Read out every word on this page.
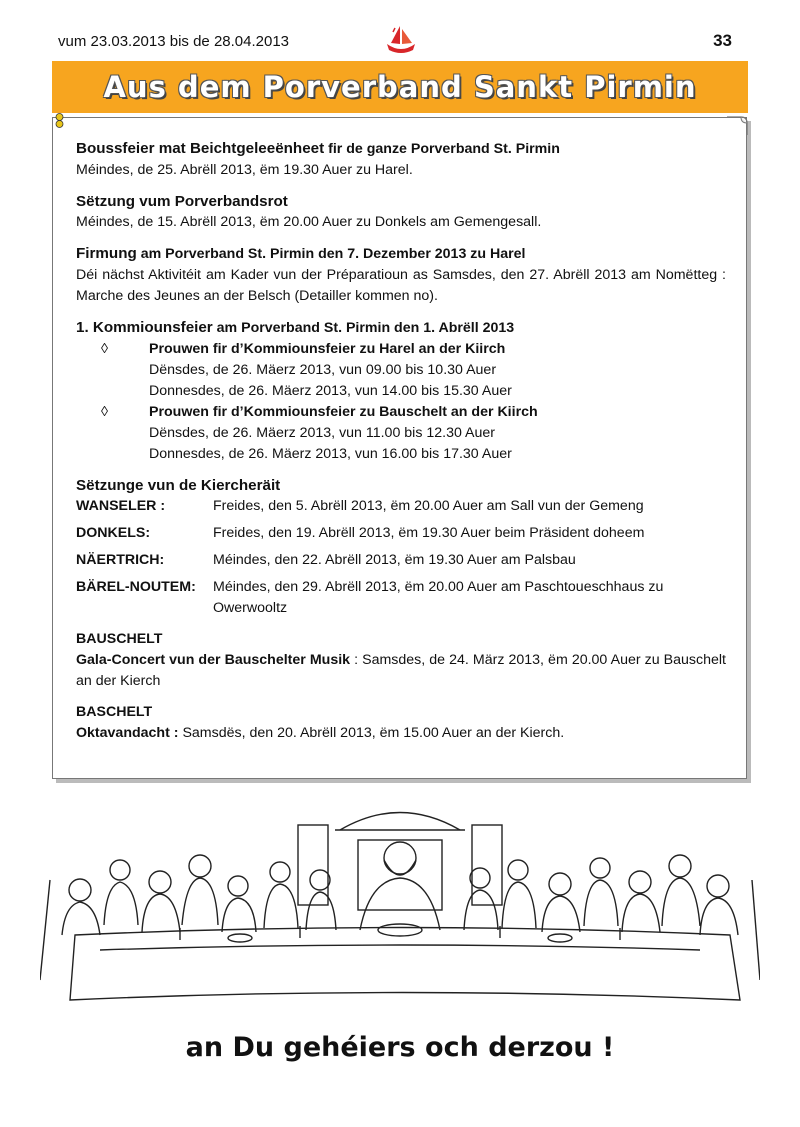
vum 23.03.2013 bis de 28.04.2013	33
Aus dem Porverband Sankt Pirmin
Boussfeier mat Beichtgeleeënheet fir de ganze Porverband St. Pirmin
Méindes, de 25. Abrëll 2013, ëm 19.30 Auer zu Harel.
Sëtzung vum Porverbandsrot
Méindes, de 15. Abrëll 2013, ëm 20.00 Auer zu Donkels am Gemengesall.
Firmung am Porverband St. Pirmin den 7. Dezember 2013 zu Harel
Déi nächst Aktivitéit am Kader vun der Préparatioun as Samsdes, den 27. Abrëll 2013 am Nomëtteg : Marche des Jeunes an der Belsch (Detailler kommen no).
1. Kommiounsfeier am Porverband St. Pirmin den 1. Abrëll 2013
◊	Prouwen fir d’Kommiounsfeier zu Harel an der Kiirch
Dënsdes, de 26. Mäerz 2013, vun 09.00 bis 10.30 Auer
Donnesdes, de 26. Mäerz 2013, vun 14.00 bis 15.30 Auer
◊	Prouwen fir d’Kommiounsfeier zu Bauschelt an der Kiirch
Dënsdes, de 26. Mäerz 2013, vun 11.00 bis 12.30 Auer
Donnesdes, de 26. Mäerz 2013, vun 16.00 bis 17.30 Auer
Sëtzunge vun de Kiercheräit
WANSELER :	Freides, den 5. Abrëll 2013, ëm 20.00 Auer am Sall vun der Gemeng
DONKELS:	Freides, den 19. Abrëll 2013, ëm 19.30 Auer beim Präsident doheem
NÄERTRICH:	Méindes, den 22. Abrëll 2013, ëm 19.30 Auer am Palsbau
BÄREL-NOUTEM:	Méindes, den 29. Abrëll 2013, ëm 20.00 Auer am Paschtoueschhaus zu Owerwooltz
BAUSCHELT
Gala-Concert vun der Bauschelter Musik : Samsdes, de 24. März 2013, ëm 20.00 Auer zu Bauschelt an der Kierch
BASCHELT
Oktavandacht : Samsdës, den 20. Abrëll 2013, ëm 15.00 Auer an der Kierch.
an Du gehéiers och derzou !
